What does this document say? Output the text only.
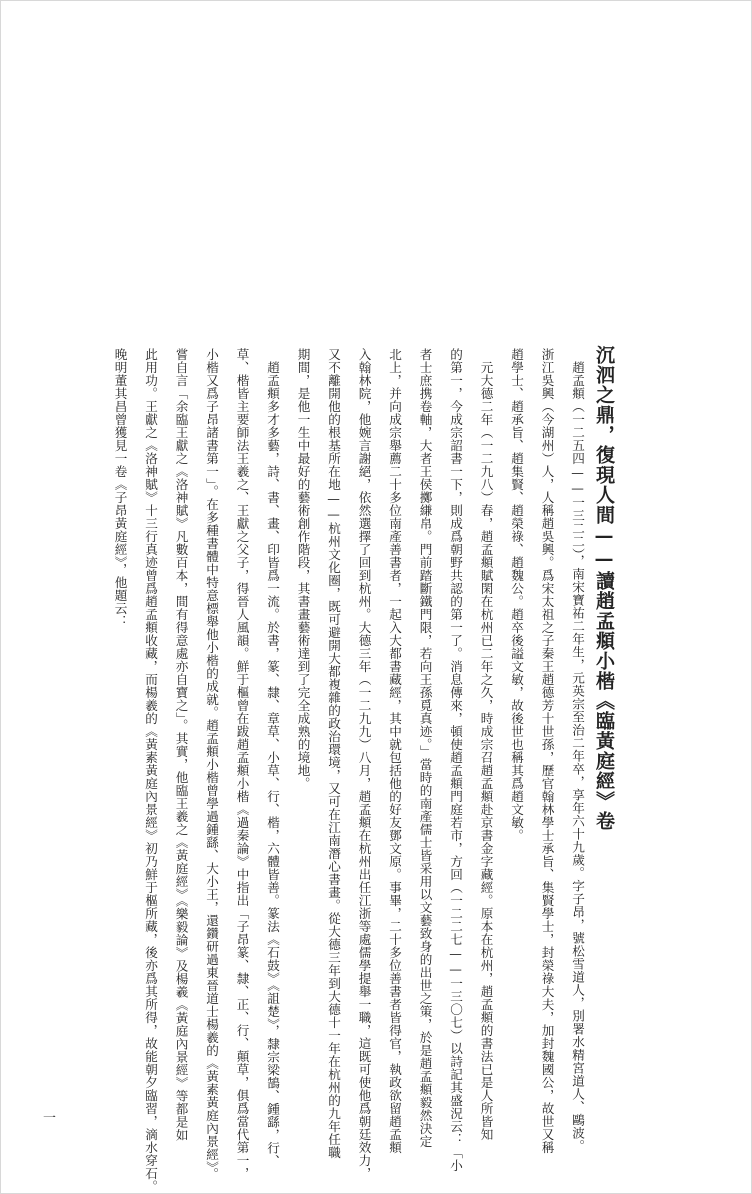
沉泗之鼎，復現人間——讀趙孟頫小楷《臨黃庭經》卷
　趙孟頫（一二五四——一三二二），南宋寶祐二年生，元英宗至治二年卒，享年六十九歲。字子昂，號松雪道人，別署水精宮道人、鷗波。
浙江吳興（今湖州）人，人稱趙吳興。爲宋太祖之子秦王趙德芳十世孫，歷官翰林學士承旨、集賢學士，封榮祿大夫，加封魏國公，故世又稱
趙學士、趙承旨、趙集賢、趙榮祿、趙魏公。趙卒後謚文敏，故後世也稱其爲趙文敏。
　元大德二年（一二九八）春，趙孟頫賦閑在杭州已二年之久，時成宗召趙孟頫赴京書金字藏經。原本在杭州，趙孟頫的書法已是人所皆知
的第一，今成宗詔書一下，則成爲朝野共認的第一了。消息傳來，頓使趙孟頫門庭若市，方回（一二二七——一三〇七）以詩記其盛況云：「小
者士庶携卷軸，大者王侯擲縑帛。門前踏斷鐵門限，若向王孫覓真迹。」當時的南產儒士皆采用以文藝致身的出世之策，於是趙孟頫毅然決定
北上，并向成宗舉薦二十多位南產善書者，一起入大都書藏經，其中就包括他的好友鄧文原。事畢，二十多位善書者皆得官，執政欲留趙孟頫
入翰林院，他婉言謝絕，依然選擇了回到杭州。大德三年（一二九九）八月，趙孟頫在杭州出任江浙等處儒學提舉一職，這既可使他爲朝廷效力，
又不離開他的根基所在地——杭州文化圈，既可避開大都複雜的政治環境，又可在江南潛心書畫。從大德三年到大德十一年在杭州的九年任職
期間，是他一生中最好的藝術創作階段，其書畫藝術達到了完全成熟的境地。
　趙孟頫多才多藝，詩、書、畫、印皆爲一流。於書，篆、隸、章草、小草、行、楷，六體皆善。篆法《石鼓》《詛楚》，隸宗梁鵠、鍾繇，行、
草、楷皆主要師法王羲之、王獻之父子，得晉人風韻。鮮于樞曾在跋趙孟頫小楷《過秦論》中指出「子昂篆、隸、正、行、顛草，俱爲當代第一，
小楷又爲子昂諸書第一」。在多種書體中特意標舉他小楷的成就。趙孟頫小楷曾學過鍾繇、大小王，還鑽研過東晉道士楊羲的《黃素黃庭內景經》。
嘗自言「余臨王獻之《洛神賦》凡數百本，間有得意處亦自寶之」。其實，他臨王羲之《黃庭經》《樂毅論》及楊羲《黃庭內景經》等都是如
此用功。王獻之《洛神賦》十三行真迹曾爲趙孟頫收藏，而楊羲的《黃素黃庭內景經》初乃鮮于樞所藏，後亦爲其所得，故能朝夕臨習，滴水穿石。
晚明董其昌曾獲見一卷《子昂黃庭經》，他題云：
一
